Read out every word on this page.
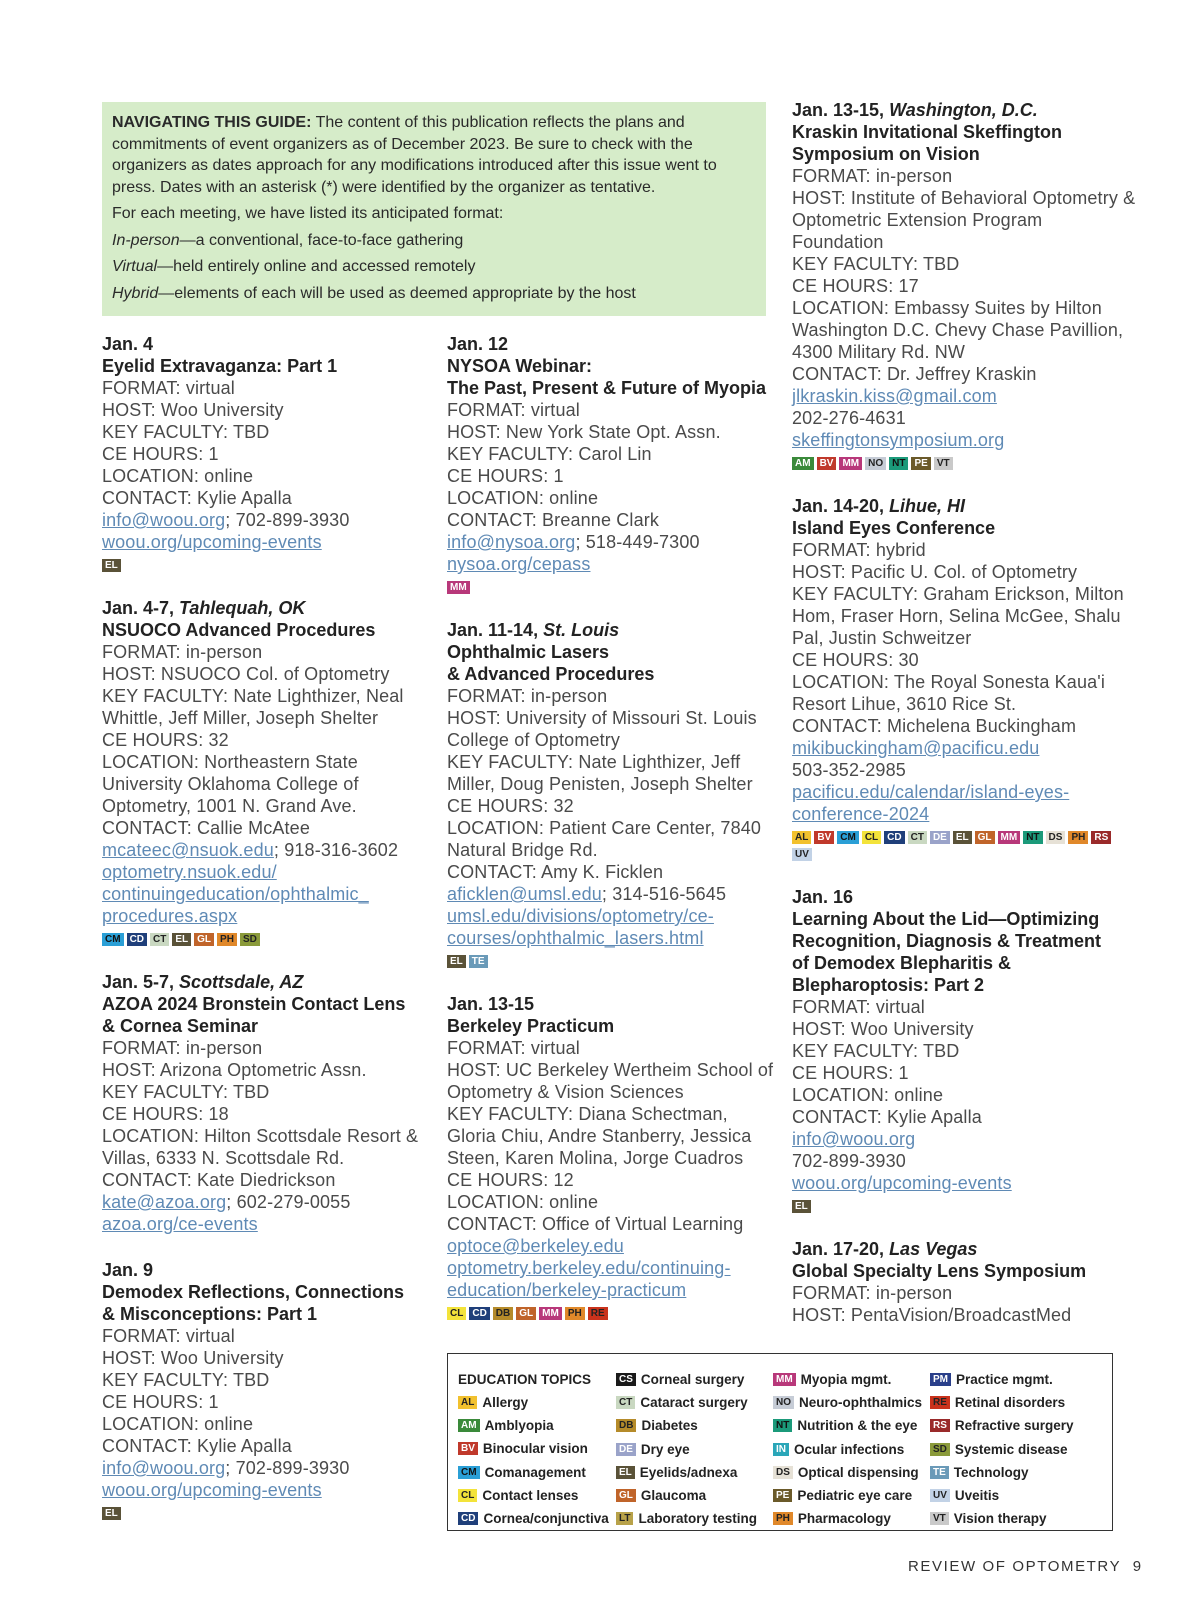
NAVIGATING THIS GUIDE: The content of this publication reflects the plans and commitments of event organizers as of December 2023. Be sure to check with the organizers as dates approach for any modifications introduced after this issue went to press. Dates with an asterisk (*) were identified by the organizer as tentative.

For each meeting, we have listed its anticipated format:

In-person—a conventional, face-to-face gathering

Virtual—held entirely online and accessed remotely

Hybrid—elements of each will be used as deemed appropriate by the host

Jan. 4
Eyelid Extravaganza: Part 1
FORMAT: virtual
HOST: Woo University
KEY FACULTY: TBD
CE HOURS: 1
LOCATION: online
CONTACT: Kylie Apalla
info@woou.org; 702-899-3930
woou.org/upcoming-events
EL
Jan. 4-7, Tahlequah, OK
NSUOCO Advanced Procedures
FORMAT: in-person
HOST: NSUOCO Col. of Optometry
KEY FACULTY: Nate Lighthizer, Neal Whittle, Jeff Miller, Joseph Shelter
CE HOURS: 32
LOCATION: Northeastern State University Oklahoma College of Optometry, 1001 N. Grand Ave.
CONTACT: Callie McAtee
mcateec@nsuok.edu; 918-316-3602
optometry.nsuok.edu/ continuingeducation/ophthalmic_ procedures.aspx
CM CD CT EL GL PH SD
Jan. 5-7, Scottsdale, AZ
AZOA 2024 Bronstein Contact Lens
& Cornea Seminar
FORMAT: in-person
HOST: Arizona Optometric Assn.
KEY FACULTY: TBD
CE HOURS: 18
LOCATION: Hilton Scottsdale Resort & Villas, 6333 N. Scottsdale Rd.
CONTACT: Kate Diedrickson
kate@azoa.org; 602-279-0055
azoa.org/ce-events
Jan. 9
Demodex Reflections, Connections
& Misconceptions: Part 1
FORMAT: virtual
HOST: Woo University
KEY FACULTY: TBD
CE HOURS: 1
LOCATION: online
CONTACT: Kylie Apalla
info@woou.org; 702-899-3930
woou.org/upcoming-events
EL
Jan. 12
NYSOA Webinar:
The Past, Present & Future of Myopia
FORMAT: virtual
HOST: New York State Opt. Assn.
KEY FACULTY: Carol Lin
CE HOURS: 1
LOCATION: online
CONTACT: Breanne Clark
info@nysoa.org; 518-449-7300
nysoa.org/cepass
MM
Jan. 11-14, St. Louis
Ophthalmic Lasers
& Advanced Procedures
FORMAT: in-person
HOST: University of Missouri St. Louis College of Optometry
KEY FACULTY: Nate Lighthizer, Jeff Miller, Doug Penisten, Joseph Shelter
CE HOURS: 32
LOCATION: Patient Care Center, 7840 Natural Bridge Rd.
CONTACT: Amy K. Ficklen
aficklen@umsl.edu; 314-516-5645
umsl.edu/divisions/optometry/ce-courses/ophthalmic_lasers.html
EL TE
Jan. 13-15
Berkeley Practicum
FORMAT: virtual
HOST: UC Berkeley Wertheim School of Optometry & Vision Sciences
KEY FACULTY: Diana Schectman, Gloria Chiu, Andre Stanberry, Jessica Steen, Karen Molina, Jorge Cuadros
CE HOURS: 12
LOCATION: online
CONTACT: Office of Virtual Learning
optoce@berkeley.edu
optometry.berkeley.edu/continuing-education/berkeley-practicum
CL CD DB GL MM PH RE
Jan. 13-15, Washington, D.C.
Kraskin Invitational Skeffington
Symposium on Vision
FORMAT: in-person
HOST: Institute of Behavioral Optometry & Optometric Extension Program Foundation
KEY FACULTY: TBD
CE HOURS: 17
LOCATION: Embassy Suites by Hilton Washington D.C. Chevy Chase Pavillion, 4300 Military Rd. NW
CONTACT: Dr. Jeffrey Kraskin
jlkraskin.kiss@gmail.com
202-276-4631
skeffingtonsymposium.org
AM BV MM NO NT PE VT
Jan. 14-20, Lihue, HI
Island Eyes Conference
FORMAT: hybrid
HOST: Pacific U. Col. of Optometry
KEY FACULTY: Graham Erickson, Milton Hom, Fraser Horn, Selina McGee, Shalu Pal, Justin Schweitzer
CE HOURS: 30
LOCATION: The Royal Sonesta Kaua'i Resort Lihue, 3610 Rice St.
CONTACT: Michelena Buckingham
mikibuckingham@pacificu.edu
503-352-2985
pacificu.edu/calendar/island-eyes-conference-2024
AL BV CM CL CD CT DE EL GL MM NT DS PH RSUV
Jan. 16
Learning About the Lid—Optimizing
Recognition, Diagnosis & Treatment
of Demodex Blepharitis &
Blepharoptosis: Part 2
FORMAT: virtual
HOST: Woo University
KEY FACULTY: TBD
CE HOURS: 1
LOCATION: online
CONTACT: Kylie Apalla
info@woou.org
702-899-3930
woou.org/upcoming-events
EL
Jan. 17-20, Las Vegas
Global Specialty Lens Symposium
FORMAT: in-person
HOST: PentaVision/BroadcastMed
EDUCATION TOPICS
AL Allergy
AM Amblyopia
BV Binocular vision
CM Comanagement
CL Contact lenses
CD Cornea/conjunctiva
CS Corneal surgery
CT Cataract surgery
DB Diabetes
DE Dry eye
EL Eyelids/adnexa
GL Glaucoma
LT Laboratory testing
MM Myopia mgmt.
NO Neuro-ophthalmics
NT Nutrition & the eye
IN Ocular infections
DS Optical dispensing
PE Pediatric eye care
PH Pharmacology
PM Practice mgmt.
RE Retinal disorders
RS Refractive surgery
SD Systemic disease
TE Technology
UV Uveitis
VT Vision therapy
REVIEW OF OPTOMETRY 9
